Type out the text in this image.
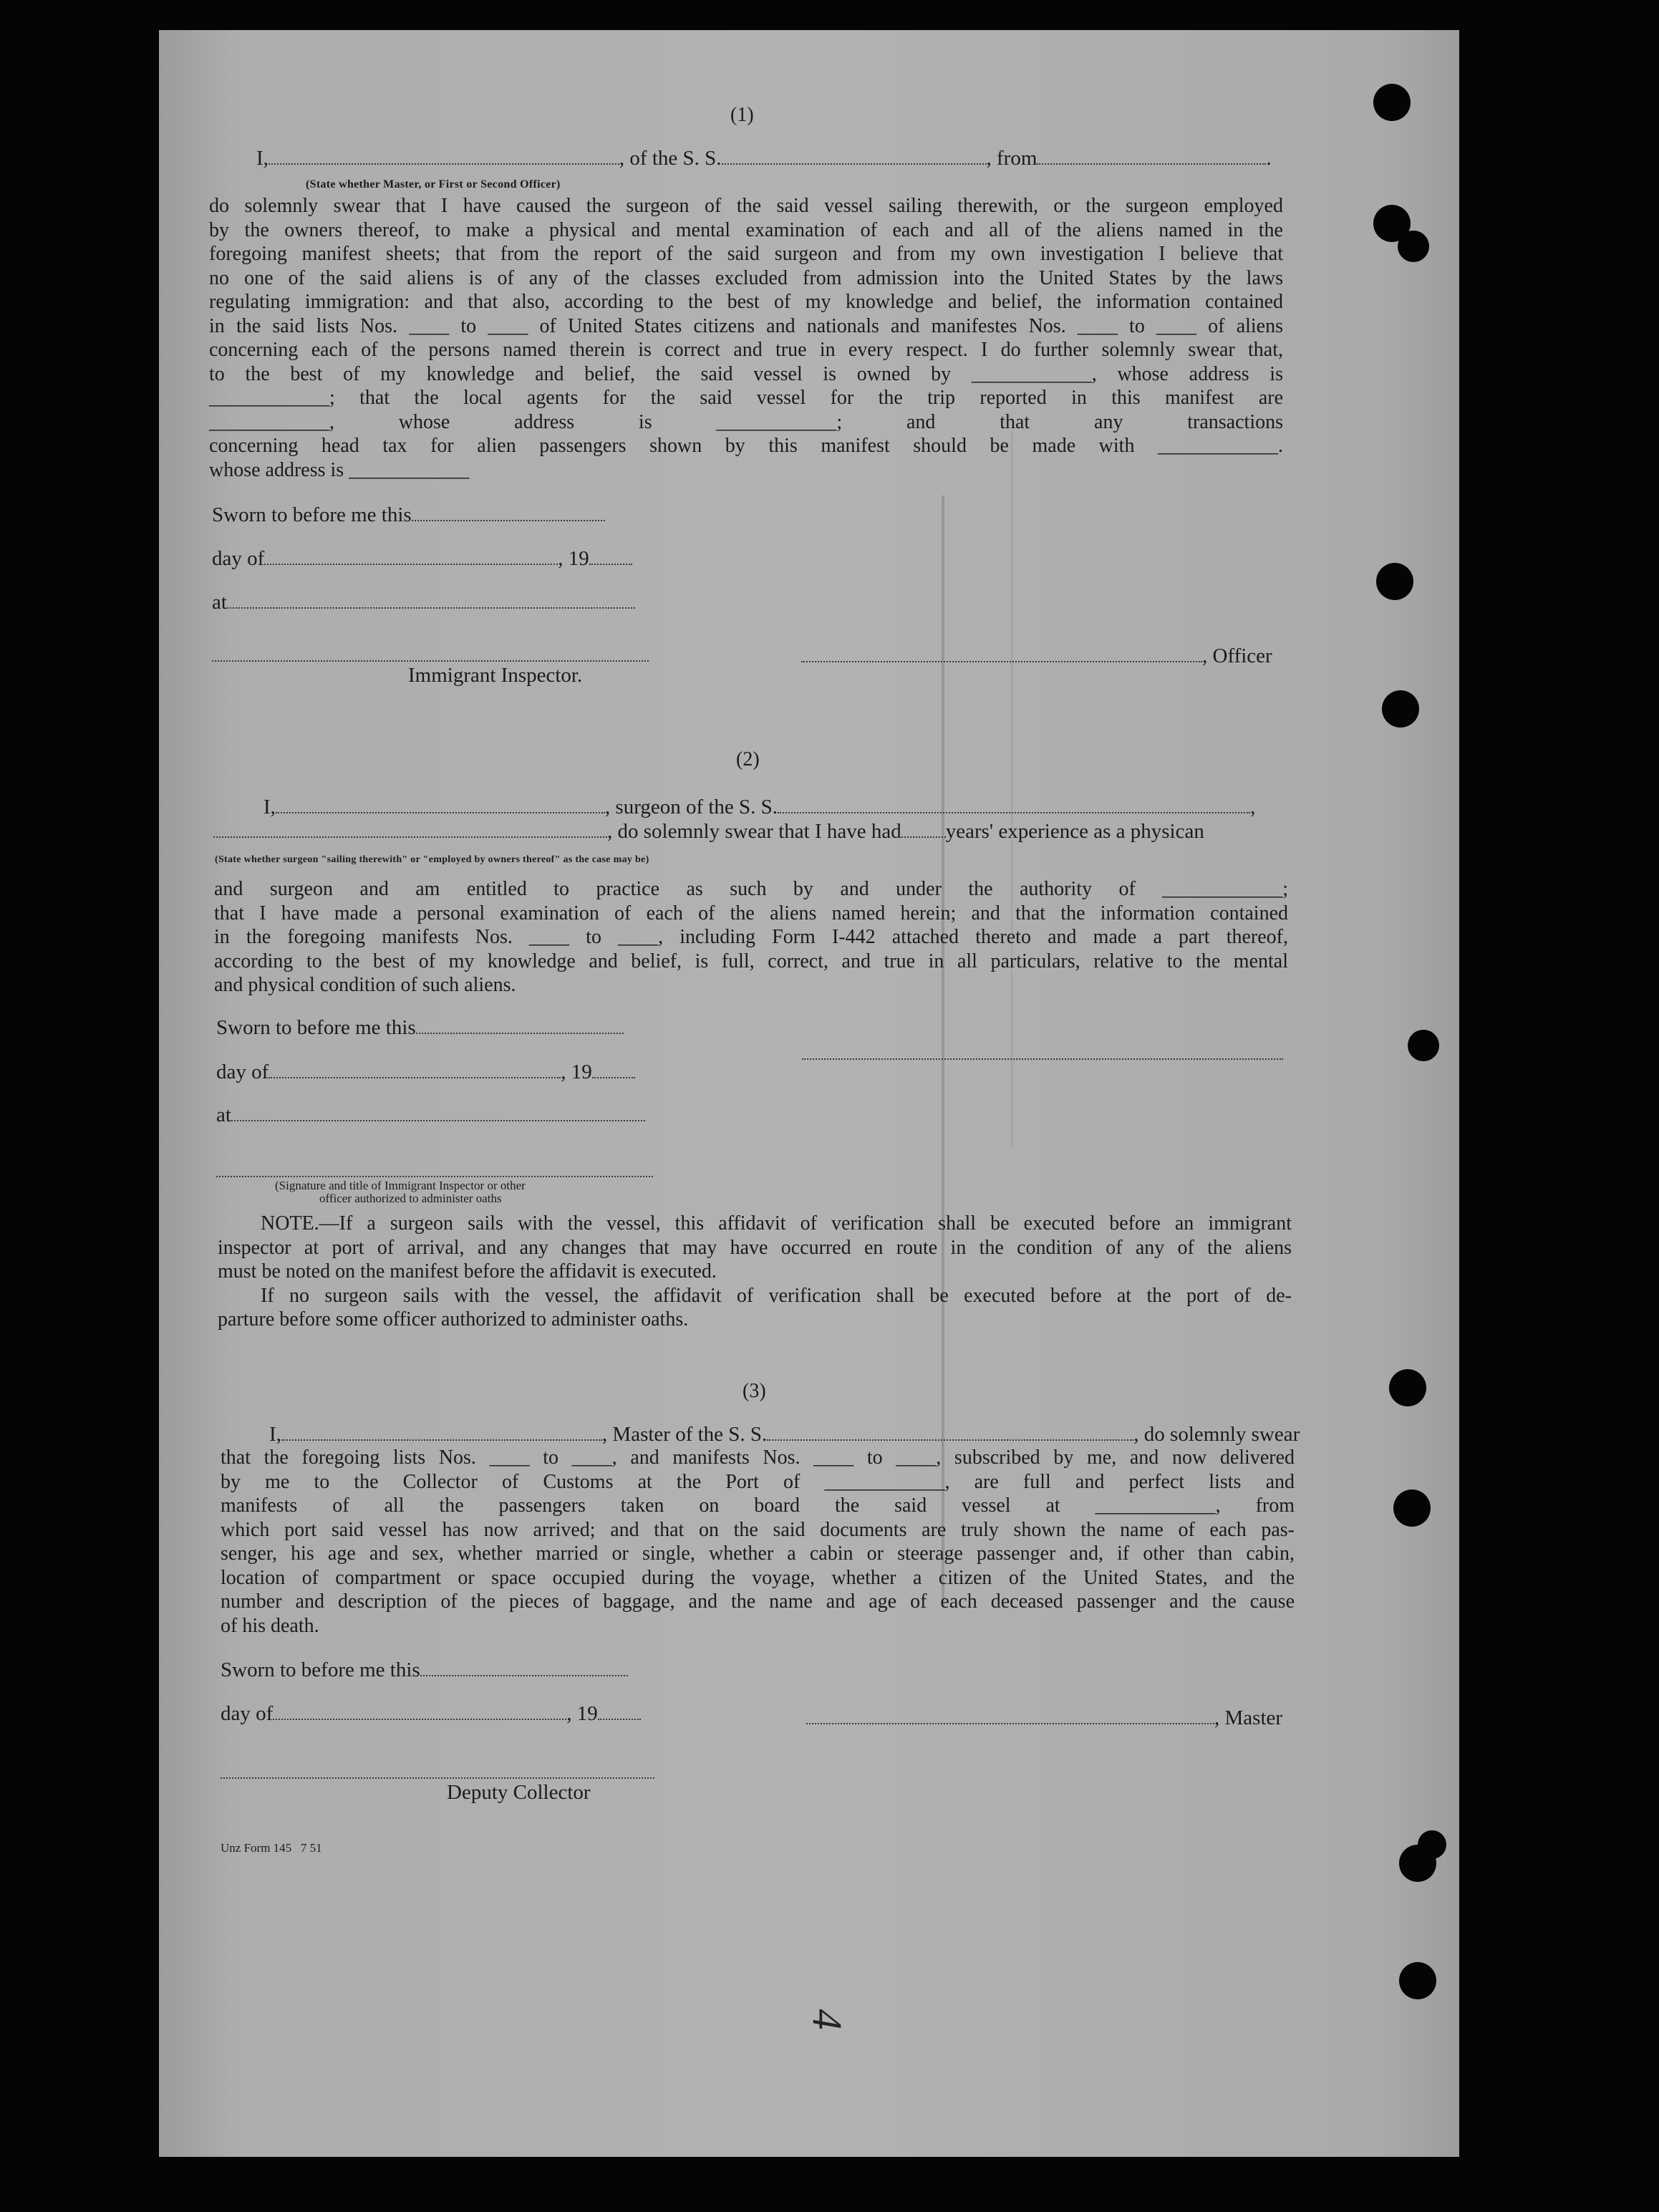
(1)
I,	, of the S. S.	, from	.
(State whether Master, or First or Second Officer)
do solemnly swear that I have caused the surgeon of the said vessel sailing therewith, or the surgeon employed
by the owners thereof, to make a physical and mental examination of each and all of the aliens named in the
foregoing manifest sheets; that from the report of the said surgeon and from my own investigation I believe that
no one of the said aliens is of any of the classes excluded from admission into the United States by the laws
regulating immigration: and that also, according to the best of my knowledge and belief, the information contained
in the said lists Nos. ____ to ____ of United States citizens and nationals and manifestes Nos. ____ to ____ of aliens
concerning each of the persons named therein is correct and true in every respect. I do further solemnly swear that,
to the best of my knowledge and belief, the said vessel is owned by ____________, whose address is
____________; that the local agents for the said vessel for the trip reported in this manifest are
____________, whose address is ____________; and that any transactions
concerning head tax for alien passengers shown by this manifest should be made with ____________.
whose address is ____________
Sworn to before me this
day of	, 19
at
Immigrant Inspector.
, Officer
(2)
I,	, surgeon of the S. S.	,
, do solemnly swear that I have had years' experience as a physican
(State whether surgeon "sailing therewith" or "employed by owners thereof" as the case may be)
and surgeon and am entitled to practice as such by and under the authority of ____________;
that I have made a personal examination of each of the aliens named herein; and that the information contained
in the foregoing manifests Nos. ____ to ____, including Form I-442 attached thereto and made a part thereof,
according to the best of my knowledge and belief, is full, correct, and true in all particulars, relative to the mental
and physical condition of such aliens.
Sworn to before me this
day of	, 19
at
(Signature and title of Immigrant Inspector or other
officer authorized to administer oaths
NOTE.—If a surgeon sails with the vessel, this affidavit of verification shall be executed before an immigrant
inspector at port of arrival, and any changes that may have occurred en route in the condition of any of the aliens
must be noted on the manifest before the affidavit is executed.
If no surgeon sails with the vessel, the affidavit of verification shall be executed before at the port of de-
parture before some officer authorized to administer oaths.
(3)
I,	, Master of the S. S.	, do solemnly swear
that the foregoing lists Nos. ____ to ____, and manifests Nos. ____ to ____, subscribed by me, and now delivered
by me to the Collector of Customs at the Port of ____________, are full and perfect lists and
manifests of all the passengers taken on board the said vessel at ____________, from
which port said vessel has now arrived; and that on the said documents are truly shown the name of each pas-
senger, his age and sex, whether married or single, whether a cabin or steerage passenger and, if other than cabin,
location of compartment or space occupied during the voyage, whether a citizen of the United States, and the
number and description of the pieces of baggage, and the name and age of each deceased passenger and the cause
of his death.
Sworn to before me this
day of	, 19	, Master
Deputy Collector
Unz Form 145   7 51
4
